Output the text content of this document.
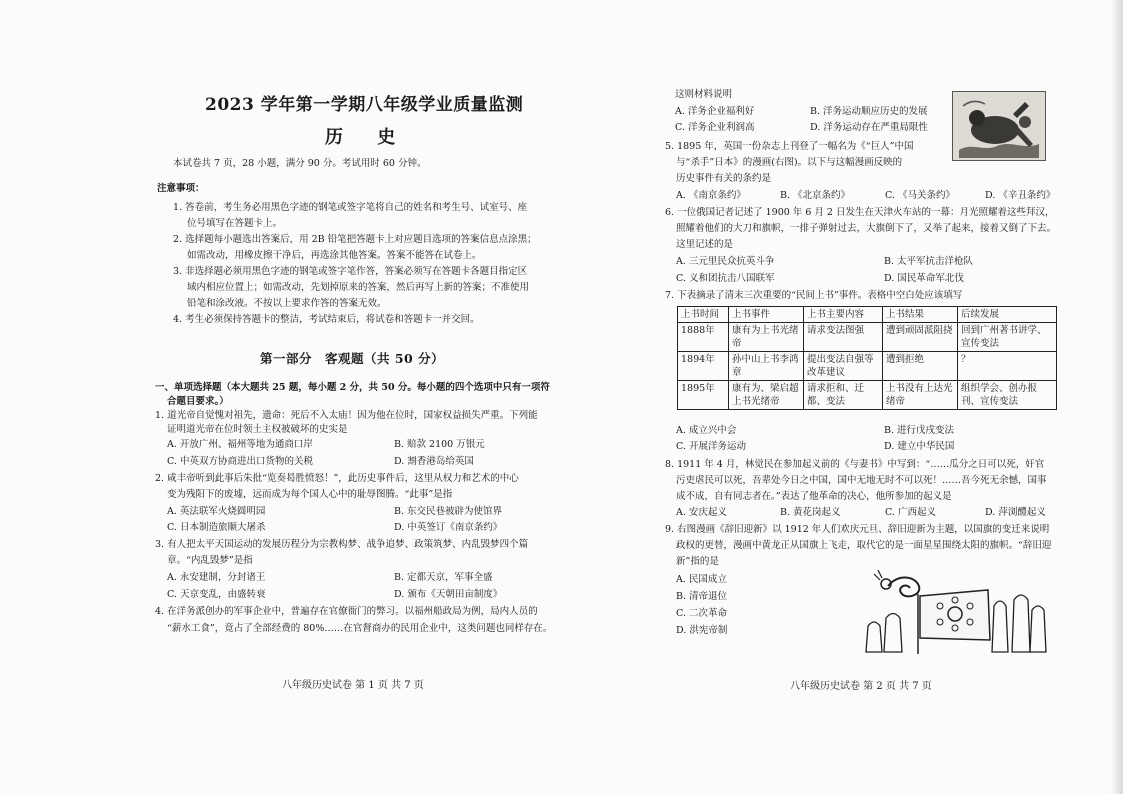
2023 学年第一学期八年级学业质量监测
历 史
本试卷共 7 页，28 小题，满分 90 分。考试用时 60 分钟。
注意事项：
1. 答卷前，考生务必用黑色字迹的钢笔或签字笔将自己的姓名和考生号、试室号、座
位号填写在答题卡上。
2. 选择题每小题选出答案后，用 2B 铅笔把答题卡上对应题目选项的答案信息点涂黑；
如需改动，用橡皮擦干净后，再选涂其他答案。答案不能答在试卷上。
3. 非选择题必须用黑色字迹的钢笔或签字笔作答，答案必须写在答题卡各题目指定区
域内相应位置上；如需改动，先划掉原来的答案，然后再写上新的答案；不准使用
铅笔和涂改液。不按以上要求作答的答案无效。
4. 考生必须保持答题卡的整洁，考试结束后，将试卷和答题卡一并交回。
第一部分　客观题（共 50 分）
一、单项选择题（本大题共 25 题，每小题 2 分，共 50 分。每小题的四个选项中只有一项符
合题目要求。）
1. 道光帝自觉愧对祖先，遗命：死后不入太庙！因为他在位时，国家权益损失严重。下列能
证明道光帝在位时领土主权被破坏的史实是
A. 开放广州、福州等地为通商口岸	B. 赔款 2100 万银元
C. 中英双方协商进出口货物的关税	D. 割香港岛给英国
2. 咸丰帝听到此事后朱批“览奏曷胜愤怒！”，此历史事件后，这里从权力和艺术的中心
变为残阳下的废墟，远而成为每个国人心中的耻辱图腾。“此事”是指
A. 英法联军火烧圆明园	B. 东交民巷被辟为使馆界
C. 日本制造旅顺大屠杀	D. 中英签订《南京条约》
3. 有人把太平天国运动的发展历程分为宗教构梦、战争追梦、政策筑梦、内乱毁梦四个篇
章。“内乱毁梦”是指
A. 永安建制，分封诸王	B. 定都天京，军事全盛
C. 天京变乱，由盛转衰	D. 颁布《天朝田亩制度》
4. 在洋务派创办的军事企业中，普遍存在官僚衙门的弊习。以福州船政局为例，局内人员的
“薪水工食”，竟占了全部经费的 80%……在官督商办的民用企业中，这类问题也同样存在。
八年级历史试卷 第 1 页 共 7 页
这则材料说明
A. 洋务企业福利好	B. 洋务运动顺应历史的发展
C. 洋务企业利润高	D. 洋务运动存在严重局限性
5. 1895 年，英国一份杂志上刊登了一幅名为《“巨人”中国
与“杀手”日本》的漫画(右图)。以下与这幅漫画反映的
历史事件有关的条约是
A. 《南京条约》	B. 《北京条约》	C. 《马关条约》	D. 《辛丑条约》
6. 一位俄国记者记述了 1900 年 6 月 2 日发生在天津火车站的一幕：月光照耀着这些拜汉，
照耀着他们的大刀和旗帜，一排子弹射过去，大旗倒下了，又举了起来，接着又倒了下去。
这里记述的是
A. 三元里民众抗英斗争	B. 太平军抗击洋枪队
C. 义和团抗击八国联军	D. 国民革命军北伐
7. 下表摘录了清末三次重要的“民间上书”事件。表格中空白处应该填写
上书时间	上书事件	上书主要内容	上书结果	后续发展
1888年	康有为上书光绪帝	请求变法图强	遭到顽固派阻挠	回到广州著书讲学、宣传变法
1894年	孙中山上书李鸿章	提出变法自强等改革建议	遭到拒绝	？
1895年	康有为、梁启超上书光绪帝	请求拒和、迁都、变法	上书没有上达光绪帝	组织学会、创办报刊、宣传变法
A. 成立兴中会	B. 进行戊戌变法
C. 开展洋务运动	D. 建立中华民国
8. 1911 年 4 月，林觉民在参加起义前的《与妻书》中写到：“……瓜分之日可以死，奸官
污吏虐民可以死，吾辈处今日之中国，国中无地无时不可以死！……吾今死无余憾，国事
成不成，自有同志者在。”表达了他革命的决心，他所参加的起义是
A. 安庆起义	B. 黄花岗起义	C. 广西起义	D. 萍浏醴起义
9. 右图漫画《辞旧迎新》以 1912 年人们欢庆元旦、辞旧迎新为主题，以国旗的变迁来说明
政权的更替，漫画中黄龙正从国旗上飞走，取代它的是一面星星围绕太阳的旗帜。“辞旧迎
新”指的是
A. 民国成立
B. 清帝退位
C. 二次革命
D. 洪宪帝制
八年级历史试卷 第 2 页 共 7 页
